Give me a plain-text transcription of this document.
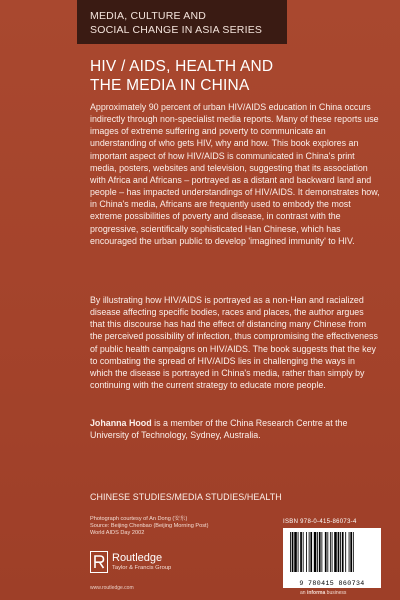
MEDIA, CULTURE AND
SOCIAL CHANGE IN ASIA SERIES
HIV / AIDS, HEALTH AND
THE MEDIA IN CHINA
Approximately 90 percent of urban HIV/AIDS education in China occurs indirectly through non-specialist media reports. Many of these reports use images of extreme suffering and poverty to communicate an understanding of who gets HIV, why and how. This book explores an important aspect of how HIV/AIDS is communicated in China's print media, posters, websites and television, suggesting that its association with Africa and Africans – portrayed as a distant and backward land and people – has impacted understandings of HIV/AIDS. It demonstrates how, in China's media, Africans are frequently used to embody the most extreme possibilities of poverty and disease, in contrast with the progressive, scientifically sophisticated Han Chinese, which has encouraged the urban public to develop 'imagined immunity' to HIV.
By illustrating how HIV/AIDS is portrayed as a non-Han and racialized disease affecting specific bodies, races and places, the author argues that this discourse has had the effect of distancing many Chinese from the perceived possibility of infection, thus compromising the effectiveness of public health campaigns on HIV/AIDS. The book suggests that the key to combating the spread of HIV/AIDS lies in challenging the ways in which the disease is portrayed in China's media, rather than simply by continuing with the current strategy to educate more people.
Johanna Hood is a member of the China Research Centre at the University of Technology, Sydney, Australia.
CHINESE STUDIES/MEDIA STUDIES/HEALTH
Photograph courtesy of An Dong (安东)
Source: Beijing Chenbao (Beijing Morning Post)
World AIDS Day 2002
Routledge
Taylor & Francis Group
www.routledge.com
ISBN 978-0-415-86073-4
9 780415 860734
an informa business
